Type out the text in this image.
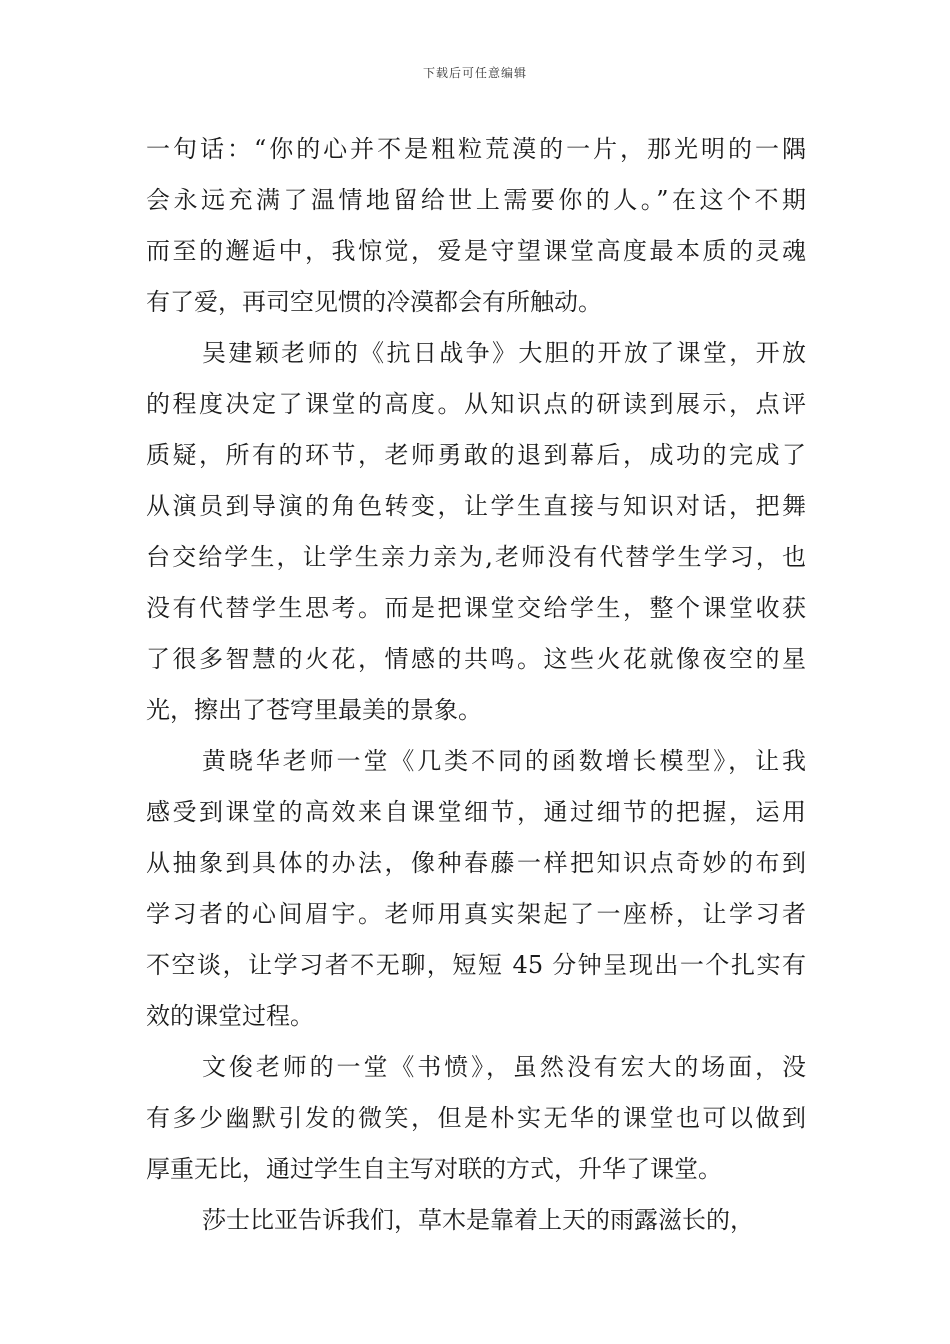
下载后可任意编辑
一句话：“你的心并不是粗粒荒漠的一片，那光明的一隅
会永远充满了温情地留给世上需要你的人。”在这个不期
而至的邂逅中，我惊觉，爱是守望课堂高度最本质的灵魂
有了爱，再司空见惯的冷漠都会有所触动。
吴建颖老师的《抗日战争》大胆的开放了课堂，开放
的程度决定了课堂的高度。从知识点的研读到展示，点评
质疑，所有的环节，老师勇敢的退到幕后，成功的完成了
从演员到导演的角色转变，让学生直接与知识对话，把舞
台交给学生，让学生亲力亲为,老师没有代替学生学习，也
没有代替学生思考。而是把课堂交给学生，整个课堂收获
了很多智慧的火花，情感的共鸣。这些火花就像夜空的星
光，擦出了苍穹里最美的景象。
黄晓华老师一堂《几类不同的函数增长模型》，让我
感受到课堂的高效来自课堂细节，通过细节的把握，运用
从抽象到具体的办法，像种春藤一样把知识点奇妙的布到
学习者的心间眉宇。老师用真实架起了一座桥，让学习者
不空谈，让学习者不无聊，短短 45 分钟呈现出一个扎实有
效的课堂过程。
文俊老师的一堂《书愤》，虽然没有宏大的场面，没
有多少幽默引发的微笑，但是朴实无华的课堂也可以做到
厚重无比，通过学生自主写对联的方式，升华了课堂。
莎士比亚告诉我们，草木是靠着上天的雨露滋长的，
